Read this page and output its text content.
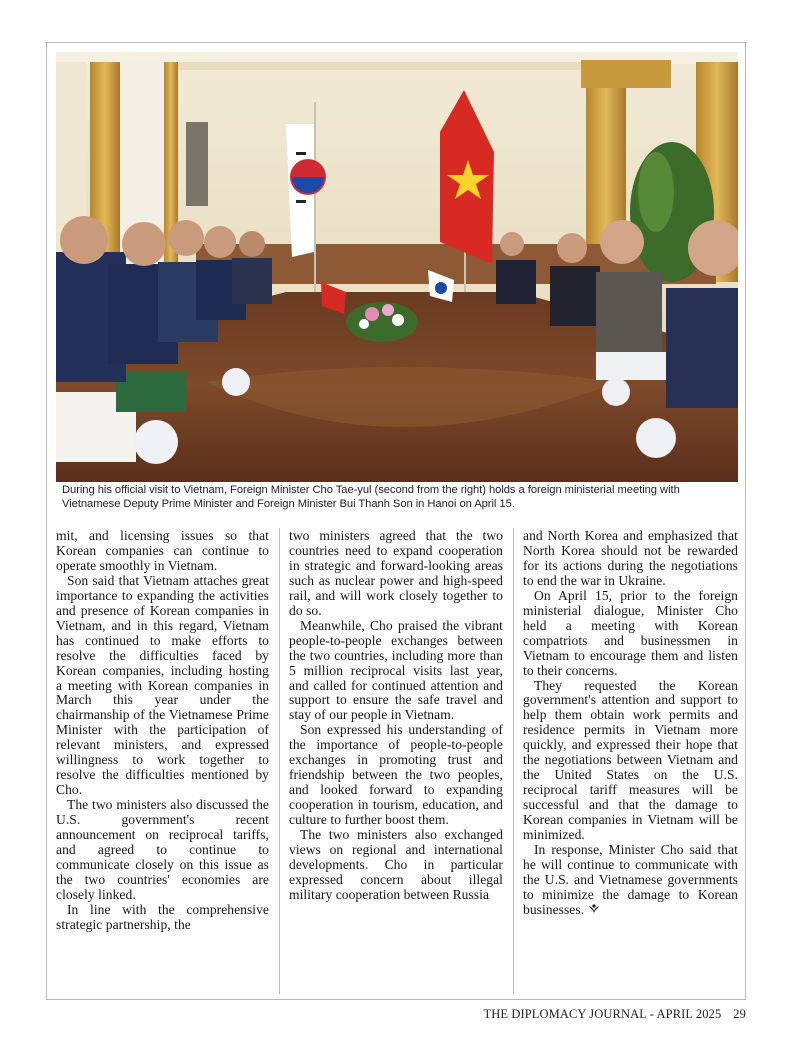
During his official visit to Vietnam, Foreign Minister Cho Tae-yul (second from the right) holds a foreign ministerial meeting with Vietnamese Deputy Prime Minister and Foreign Minister Bui Thanh Son in Hanoi on April 15.

mit, and licensing issues so that Korean companies can continue to operate smoothly in Vietnam.

Son said that Vietnam attaches great importance to expanding the activities and presence of Korean companies in Vietnam, and in this regard, Vietnam has continued to make efforts to resolve the difficulties faced by Korean companies, including hosting a meeting with Korean companies in March this year under the chairmanship of the Vietnamese Prime Minister with the participation of relevant ministers, and expressed willingness to work together to resolve the difficulties mentioned by Cho.

The two ministers also discussed the U.S. government's recent announcement on reciprocal tariffs, and agreed to continue to communicate closely on this issue as the two countries' economies are closely linked.

In line with the comprehensive strategic partnership, the

two ministers agreed that the two countries need to expand cooperation in strategic and forward-looking areas such as nuclear power and high-speed rail, and will work closely together to do so.

Meanwhile, Cho praised the vibrant people-to-people exchanges between the two countries, including more than 5 million reciprocal visits last year, and called for continued attention and support to ensure the safe travel and stay of our people in Vietnam.

Son expressed his understanding of the importance of people-to-people exchanges in promoting trust and friendship between the two peoples, and looked forward to expanding cooperation in tourism, education, and culture to further boost them.

The two ministers also exchanged views on regional and international developments. Cho in particular expressed concern about illegal military cooperation between Russia

and North Korea and emphasized that North Korea should not be rewarded for its actions during the negotiations to end the war in Ukraine.

On April 15, prior to the foreign ministerial dialogue, Minister Cho held a meeting with Korean compatriots and businessmen in Vietnam to encourage them and listen to their concerns.

They requested the Korean government's attention and support to help them obtain work permits and residence permits in Vietnam more quickly, and expressed their hope that the negotiations between Vietnam and the United States on the U.S. reciprocal tariff measures will be successful and that the damage to Korean companies in Vietnam will be minimized.

In response, Minister Cho said that he will continue to communicate with the U.S. and Vietnamese governments to minimize the damage to Korean businesses.

THE DIPLOMACY JOURNAL - APRIL 2025 29
